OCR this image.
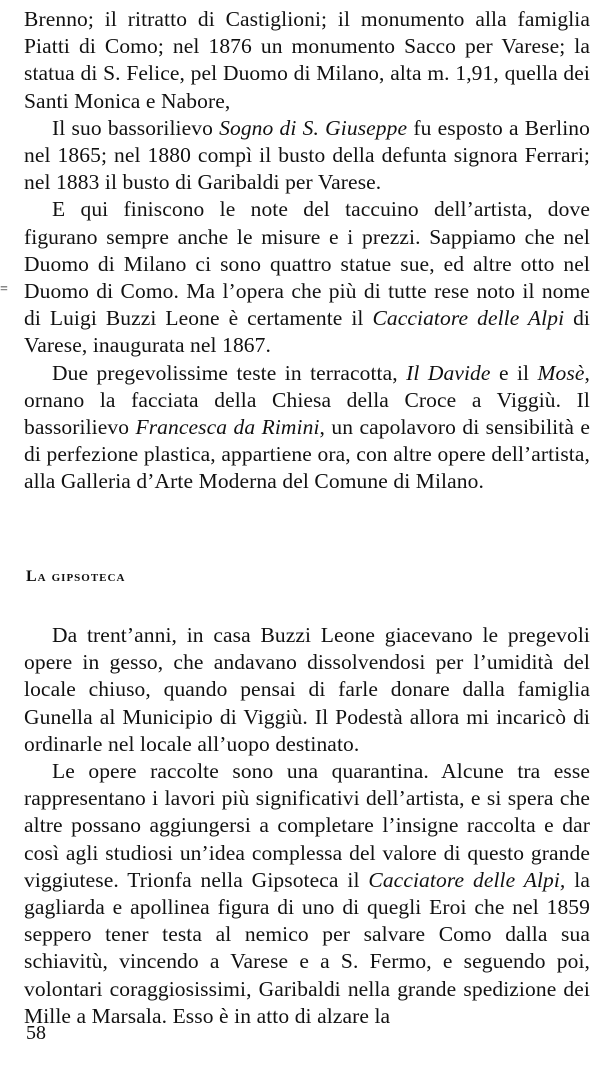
Brenno; il ritratto di Castiglioni; il monumento alla famiglia Piatti di Como; nel 1876 un monumento Sacco per Varese; la statua di S. Felice, pel Duomo di Milano, alta m. 1,91, quella dei Santi Monica e Nabore,

Il suo bassorilievo Sogno di S. Giuseppe fu esposto a Berlino nel 1865; nel 1880 compì il busto della defunta signora Ferrari; nel 1883 il busto di Garibaldi per Varese.

E qui finiscono le note del taccuino dell’artista, dove figurano sempre anche le misure e i prezzi. Sappiamo che nel Duomo di Milano ci sono quattro statue sue, ed altre otto nel Duomo di Como. Ma l’opera che più di tutte rese noto il nome di Luigi Buzzi Leone è certamente il Cacciatore delle Alpi di Varese, inaugurata nel 1867.

Due pregevolissime teste in terracotta, Il Davide e il Mosè, ornano la facciata della Chiesa della Croce a Viggiù. Il bassorilievo Francesca da Rimini, un capolavoro di sensibilità e di perfezione plastica, appartiene ora, con altre opere dell’artista, alla Galleria d’Arte Moderna del Comune di Milano.

=
La gipsoteca

Da trent’anni, in casa Buzzi Leone giacevano le pregevoli opere in gesso, che andavano dissolvendosi per l’umidità del locale chiuso, quando pensai di farle donare dalla famiglia Gunella al Municipio di Viggiù. Il Podestà allora mi incaricò di ordinarle nel locale all’uopo destinato.

Le opere raccolte sono una quarantina. Alcune tra esse rappresentano i lavori più significativi dell’artista, e si spera che altre possano aggiungersi a completare l’insigne raccolta e dar così agli studiosi un’idea complessa del valore di questo grande viggiutese. Trionfa nella Gipsoteca il Cacciatore delle Alpi, la gagliarda e apollinea figura di uno di quegli Eroi che nel 1859 seppero tener testa al nemico per salvare Como dalla sua schiavitù, vincendo a Varese e a S. Fermo, e seguendo poi, volontari coraggiosissimi, Garibaldi nella grande spedizione dei Mille a Marsala. Esso è in atto di alzare la

58
